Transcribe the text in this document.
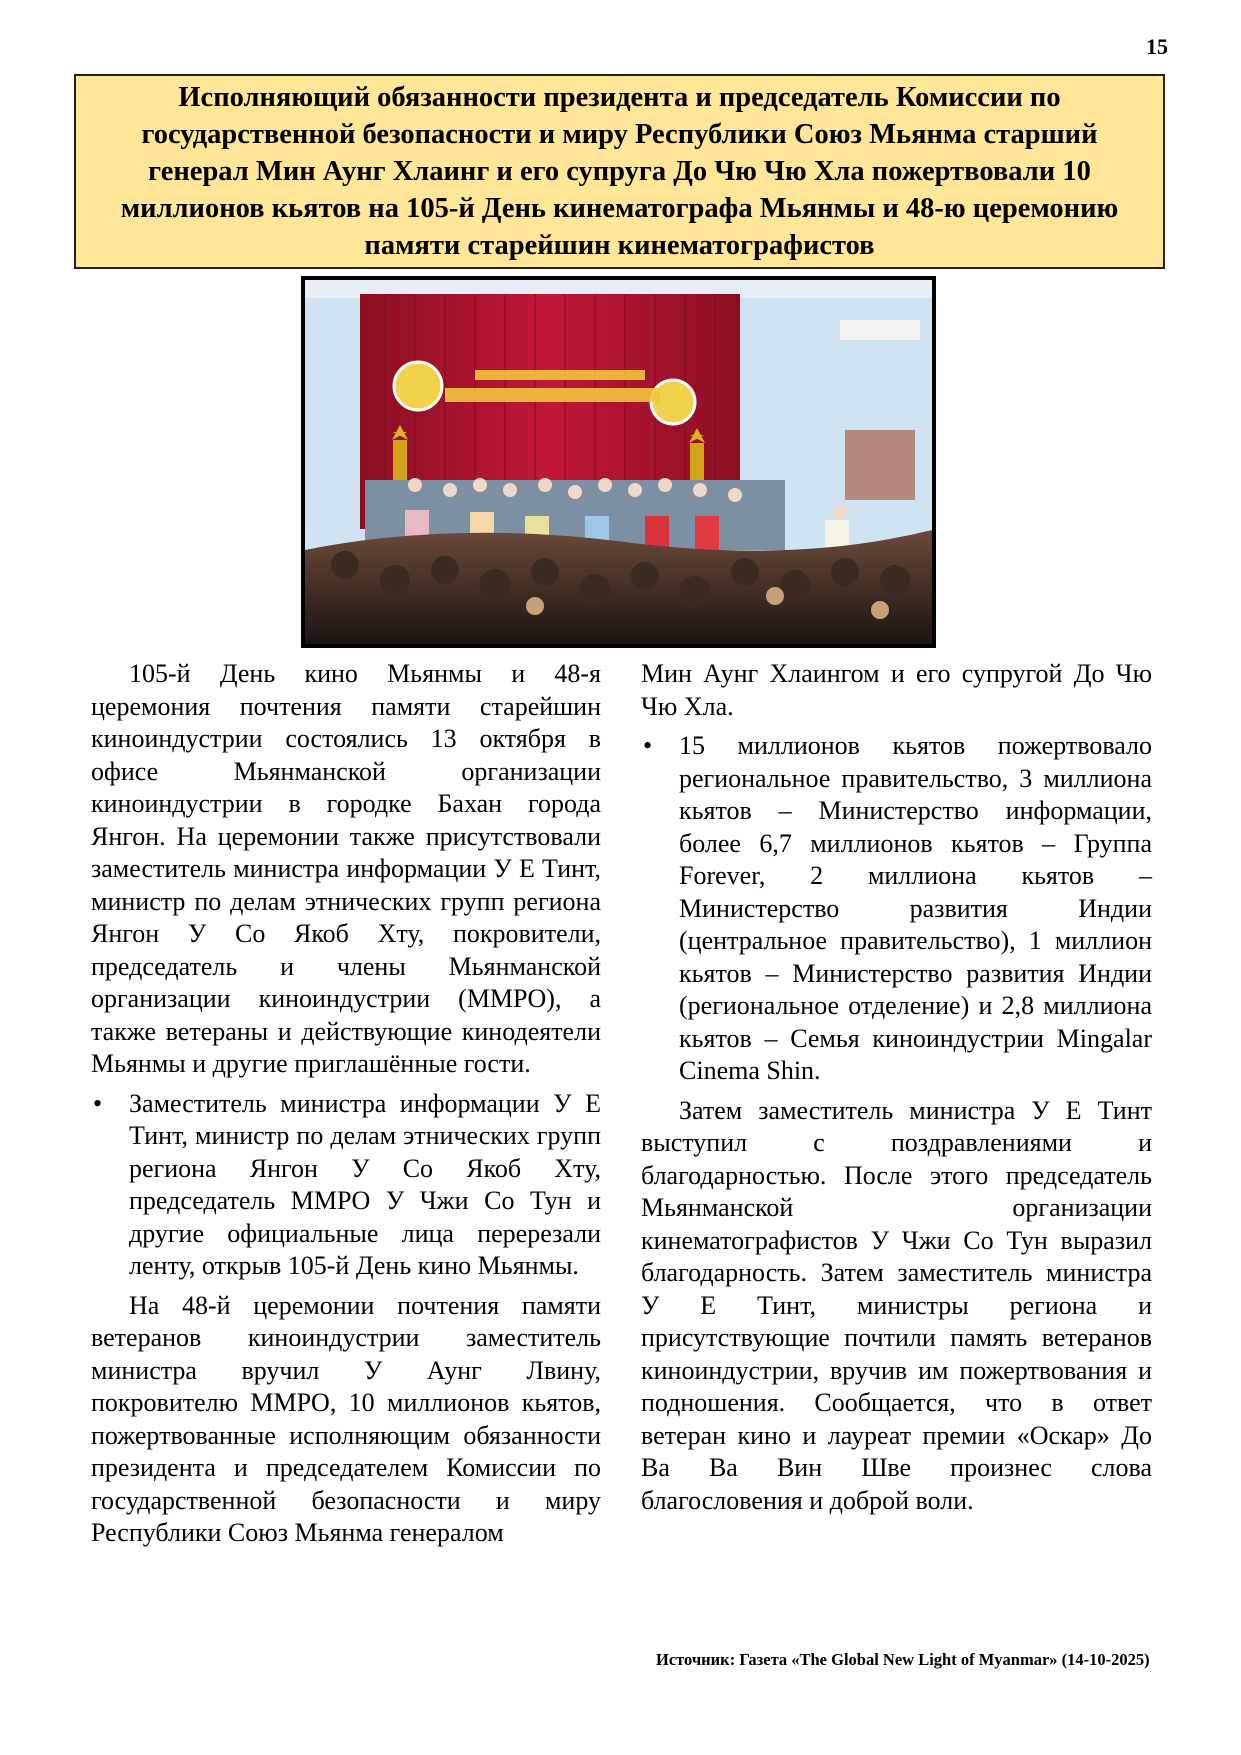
15
Исполняющий обязанности президента и председатель Комиссии по государственной безопасности и миру Республики Союз Мьянма старший генерал Мин Аунг Хлаинг и его супруга До Чю Чю Хла пожертвовали 10 миллионов кьятов на 105-й День кинематографа Мьянмы и 48-ю церемонию памяти старейшин кинематографистов

105-й День кино Мьянмы и 48-я церемония почтения памяти старейшин киноиндустрии состоялись 13 октября в офисе Мьянманской организации киноиндустрии в городке Бахан города Янгон. На церемонии также присутствовали заместитель министра информации У Е Тинт, министр по делам этнических групп региона Янгон У Со Якоб Хту, покровители, председатель и члены Мьянманской организации киноиндустрии (MMPO), а также ветераны и действующие кинодеятели Мьянмы и другие приглашённые гости.

• Заместитель министра информации У Е Тинт, министр по делам этнических групп региона Янгон У Со Якоб Хту, председатель MMPO У Чжи Со Тун и другие официальные лица перерезали ленту, открыв 105-й День кино Мьянмы.

На 48-й церемонии почтения памяти ветеранов киноиндустрии заместитель министра вручил У Аунг Лвину, покровителю MMPO, 10 миллионов кьятов, пожертвованные исполняющим обязанности президента и председателем Комиссии по государственной безопасности и миру Республики Союз Мьянма генералом

Мин Аунг Хлаингом и его супругой До Чю Чю Хла.

• 15 миллионов кьятов пожертвовало региональное правительство, 3 миллиона кьятов – Министерство информации, более 6,7 миллионов кьятов – Группа Forever, 2 миллиона кьятов – Министерство развития Индии (центральное правительство), 1 миллион кьятов – Министерство развития Индии (региональное отделение) и 2,8 миллиона кьятов – Семья киноиндустрии Mingalar Cinema Shin.

Затем заместитель министра У Е Тинт выступил с поздравлениями и благодарностью. После этого председатель Мьянманской организации кинематографистов У Чжи Со Тун выразил благодарность. Затем заместитель министра У Е Тинт, министры региона и присутствующие почтили память ветеранов киноиндустрии, вручив им пожертвования и подношения. Сообщается, что в ответ ветеран кино и лауреат премии «Оскар» До Ва Ва Вин Шве произнес слова благословения и доброй воли.

Источник: Газета «The Global New Light of Myanmar» (14-10-2025)
